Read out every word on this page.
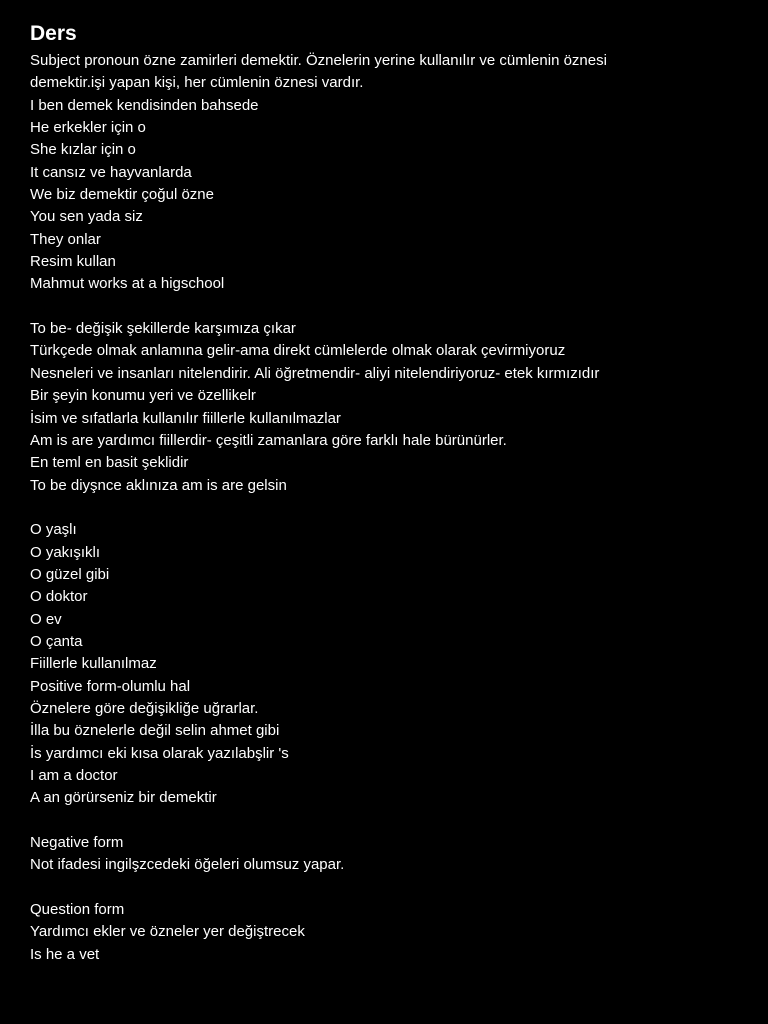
Ders
Subject pronoun özne zamirleri demektir. Öznelerin yerine kullanılır ve cümlenin öznesi
demektir.işi yapan kişi, her cümlenin öznesi vardır.
I ben demek kendisinden bahsede
He erkekler için o
She kızlar için o
It cansız ve hayvanlarda
We biz demektir çoğul özne
You sen yada siz
They onlar
Resim kullan
Mahmut works at a higschool
To be- değişik şekillerde karşımıza çıkar
Türkçede olmak anlamına gelir-ama direkt cümlelerde olmak olarak çevirmiyoruz
Nesneleri ve insanları nitelendirir. Ali öğretmendir- aliyi nitelendiriyoruz- etek kırmızıdır
Bir şeyin konumu yeri ve özellikelr
İsim ve sıfatlarla kullanılır fiillerle kullanılmazlar
Am is are yardımcı fiillerdir- çeşitli zamanlara göre farklı hale bürünürler.
En teml en basit şeklidir
To be diyşnce aklınıza am is are gelsin
O yaşlı
O yakışıklı
O güzel gibi
O doktor
O ev
O çanta
Fiillerle kullanılmaz
Positive form-olumlu hal
Öznelere göre değişikliğe uğrarlar.
İlla bu öznelerle değil selin ahmet gibi
İs yardımcı eki kısa olarak yazılabşlir 's
I am a doctor
A an görürseniz bir demektir
Negative form
Not ifadesi ingilşzcedeki öğeleri olumsuz yapar.
Question form
Yardımcı ekler ve özneler yer değiştrecek
Is he a vet
